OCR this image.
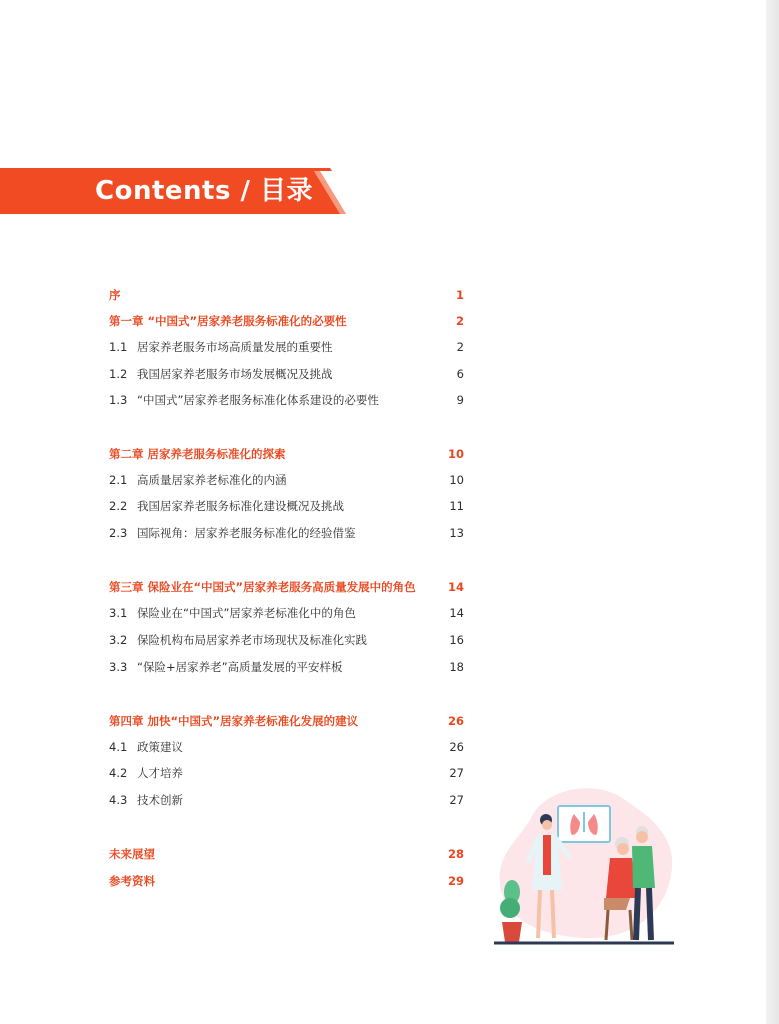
Contents / 目录
序	1
第一章 “中国式”居家养老服务标准化的必要性	2
1.1 居家养老服务市场高质量发展的重要性	2
1.2 我国居家养老服务市场发展概况及挑战	6
1.3 “中国式”居家养老服务标准化体系建设的必要性	9
第二章 居家养老服务标准化的探索	10
2.1 高质量居家养老标准化的内涵	10
2.2 我国居家养老服务标准化建设概况及挑战	11
2.3 国际视角：居家养老服务标准化的经验借鉴	13
第三章 保险业在“中国式”居家养老服务高质量发展中的角色	14
3.1 保险业在“中国式”居家养老标准化中的角色	14
3.2 保险机构布局居家养老市场现状及标准化实践	16
3.3 “保险+居家养老”高质量发展的平安样板	18
第四章 加快“中国式”居家养老标准化发展的建议	26
4.1 政策建议	26
4.2 人才培养	27
4.3 技术创新	27
未来展望	28
参考资料	29
